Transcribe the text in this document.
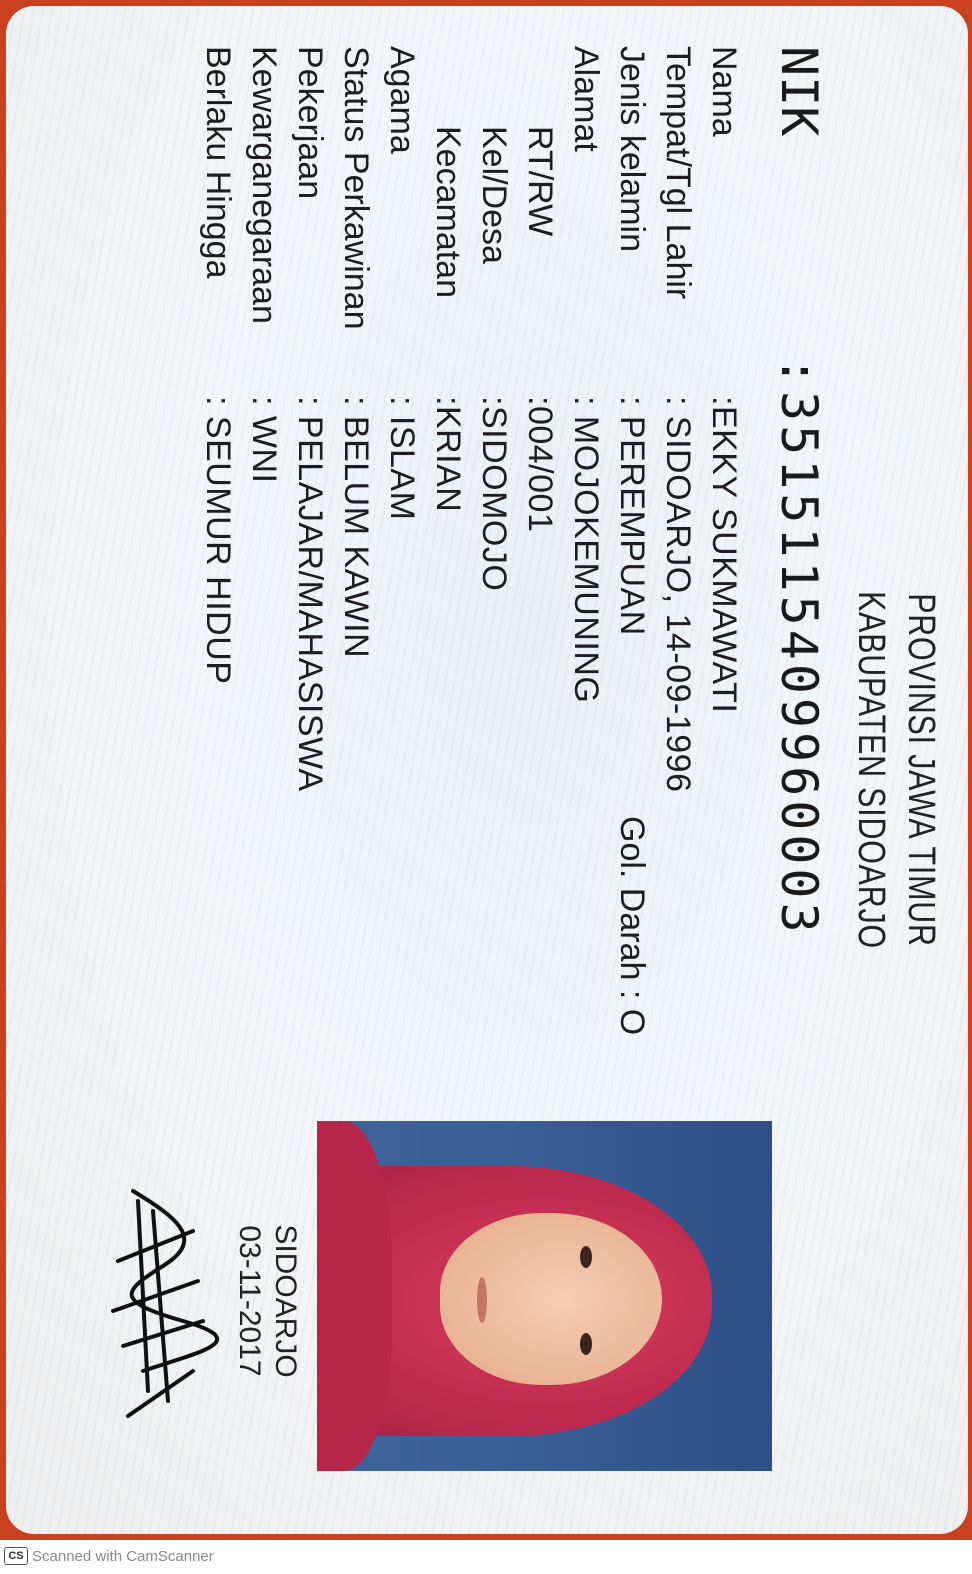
PROVINSI JAWA TIMUR
KABUPATEN SIDOARJO
NIK
:
3515115409960003
Nama
:EKKY SUKMAWATI
Tempat/Tgl Lahir
: SIDOARJO, 14-09-1996
Jenis kelamin
: PEREMPUAN
Gol. Darah : O
Alamat
: MOJOKEMUNING
RT/RW
:004/001
Kel/Desa
:SIDOMOJO
Kecamatan
:KRIAN
Agama
: ISLAM
Status Perkawinan
: BELUM KAWIN
Pekerjaan
: PELAJAR/MAHASISWA
Kewarganegaraan
: WNI
Berlaku Hingga
: SEUMUR HIDUP
SIDOARJO
03-11-2017
CS Scanned with CamScanner
